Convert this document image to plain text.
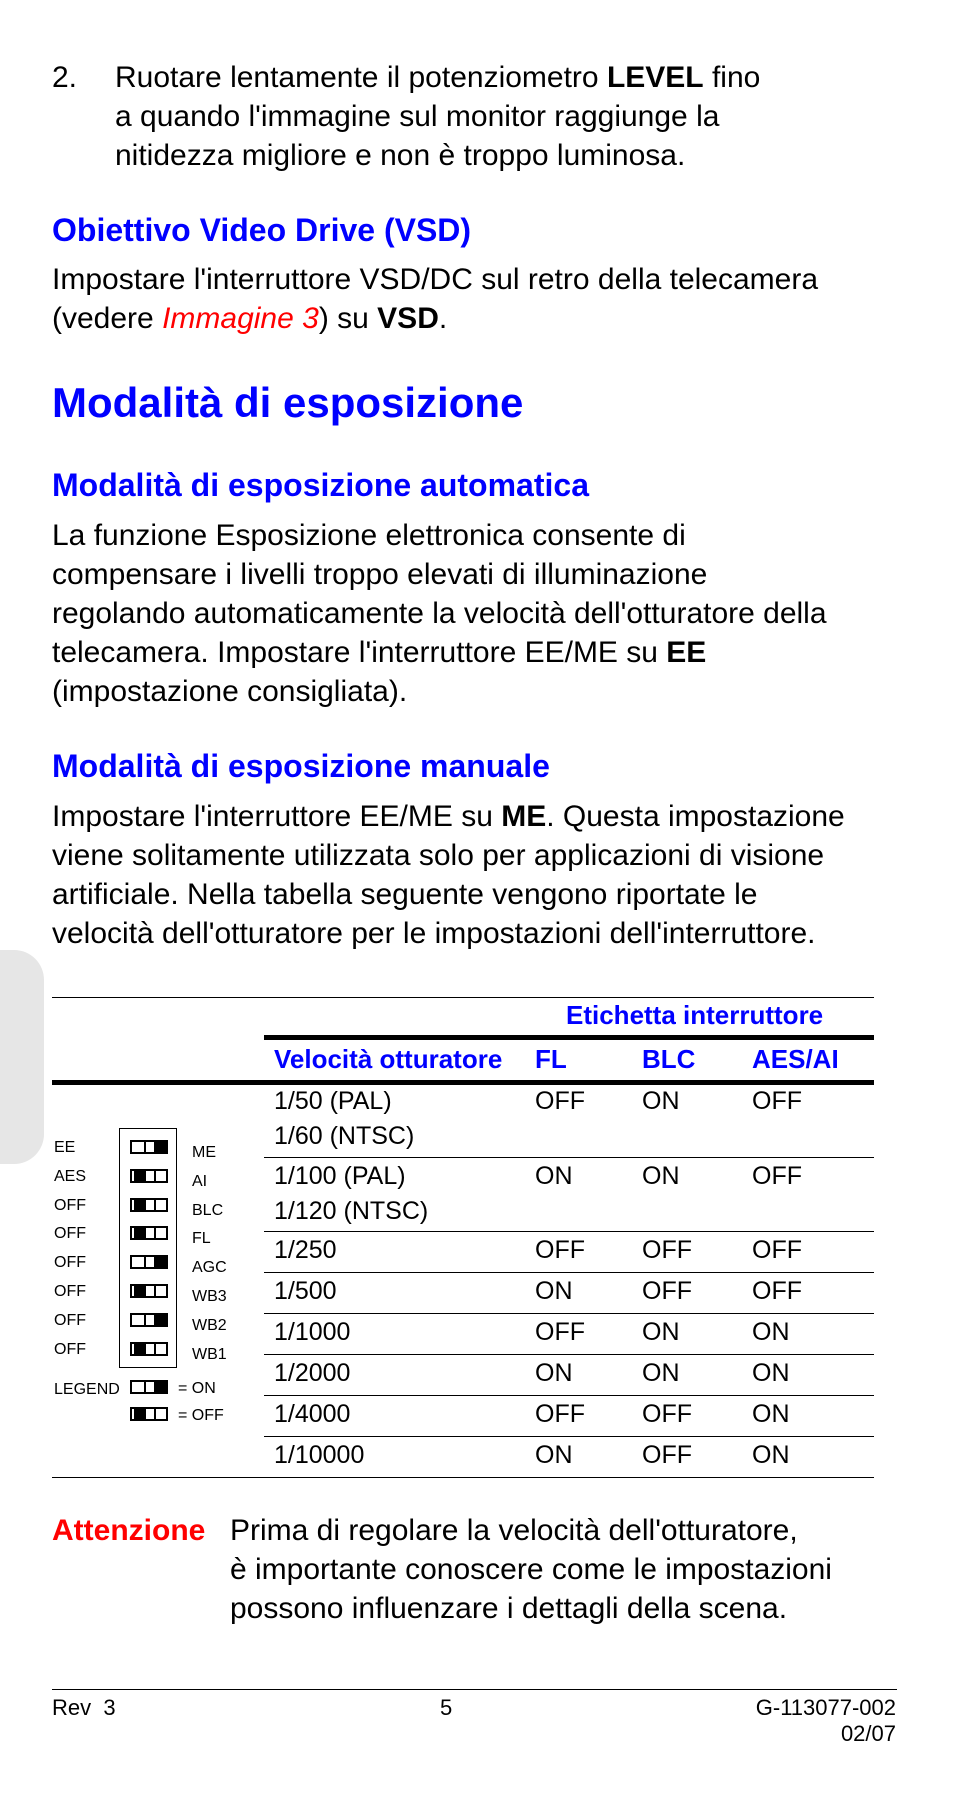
2. Ruotare lentamente il potenziometro LEVEL fino
a quando l'immagine sul monitor raggiunge la
nitidezza migliore e non è troppo luminosa.
Obiettivo Video Drive (VSD)
Impostare l'interruttore VSD/DC sul retro della telecamera
(vedere Immagine 3) su VSD.
Modalità di esposizione
Modalità di esposizione automatica
La funzione Esposizione elettronica consente di
compensare i livelli troppo elevati di illuminazione
regolando automaticamente la velocità dell'otturatore della
telecamera. Impostare l'interruttore EE/ME su EE
(impostazione consigliata).
Modalità di esposizione manuale
Impostare l'interruttore EE/ME su ME. Questa impostazione
viene solitamente utilizzata solo per applicazioni di visione
artificiale. Nella tabella seguente vengono riportate le
velocità dell'otturatore per le impostazioni dell'interruttore.
Etichetta interruttore
Velocità otturatore FL	BLC AES/AI
1/50 (PAL)
1/60 (NTSC)
OFF ON	OFF
1/100 (PAL)
1/120 (NTSC)
ON	ON	OFF
1/250	OFF OFF OFF
1/500	ON	OFF OFF
1/1000	OFF ON	ON
1/2000	ON	ON	ON
1/4000	OFF OFF ON
1/10000	ON	OFF ON
EE	ME
AES	AI
OFF	BLC
OFF	FL
OFF	AGC
OFF	WB3
OFF	WB2
OFF	WB1
LEGEND	= ON
= OFF
Attenzione Prima di regolare la velocità dell'otturatore,
è importante conoscere come le impostazioni
possono influenzare i dettagli della scena.
Rev  3	5	G-113077-002
02/07
